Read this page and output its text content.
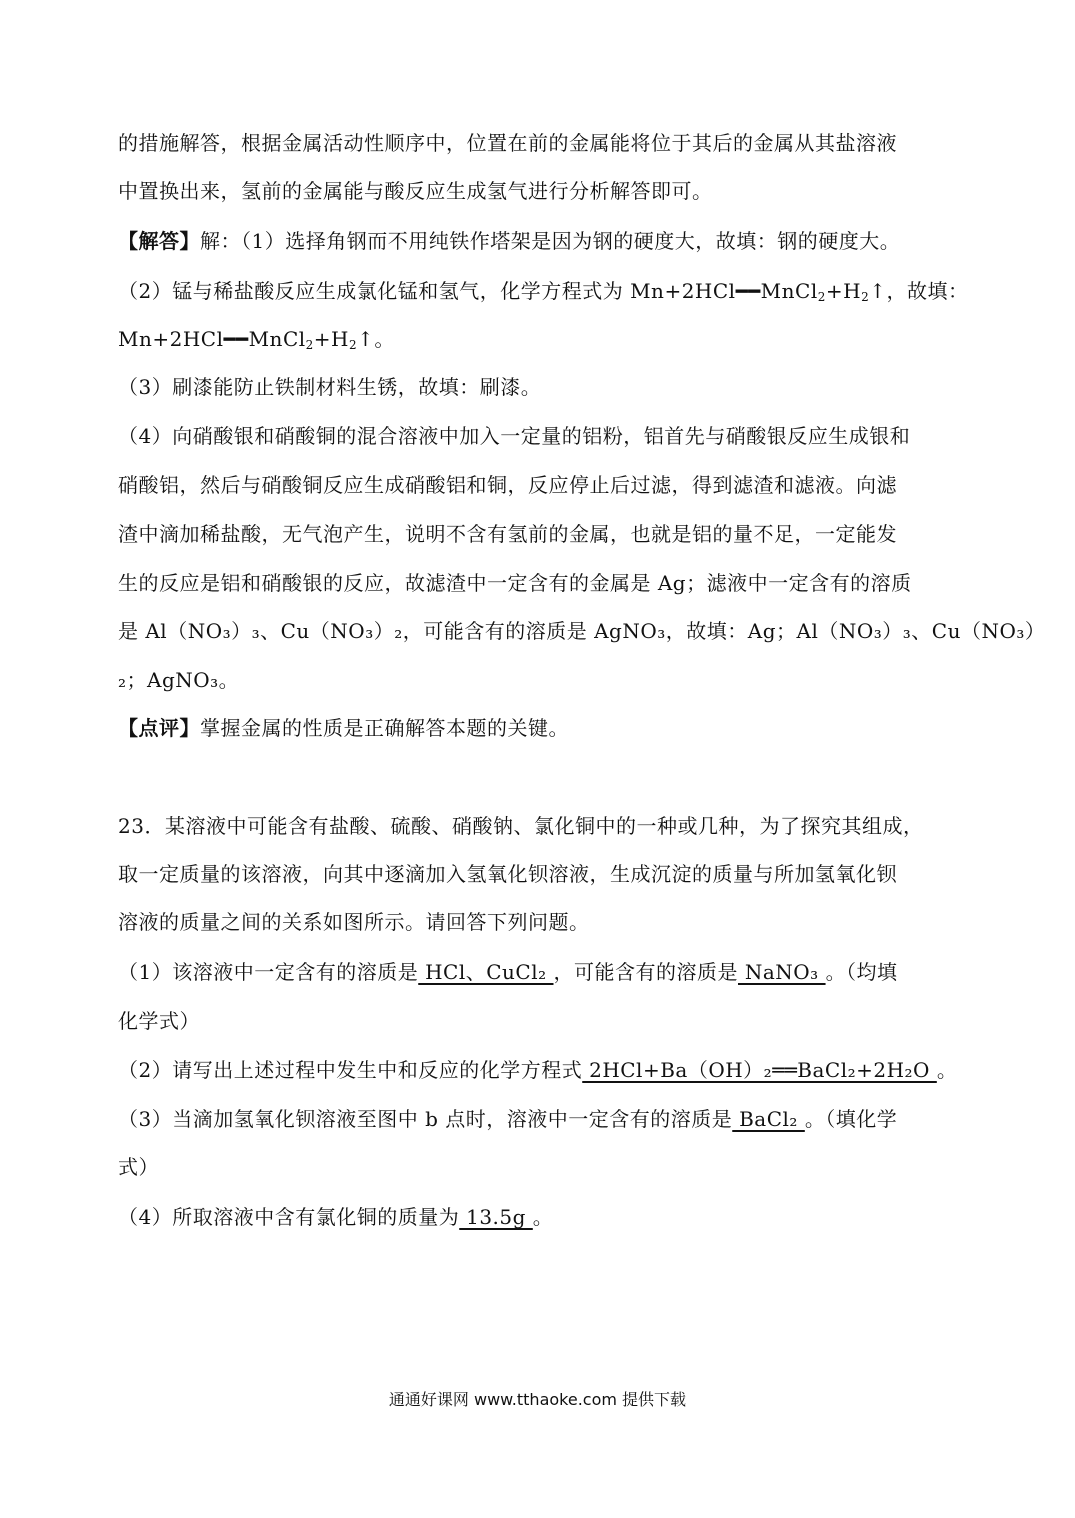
的措施解答，根据金属活动性顺序中，位置在前的金属能将位于其后的金属从其盐溶液
中置换出来，氢前的金属能与酸反应生成氢气进行分析解答即可。
【解答】解：（1）选择角钢而不用纯铁作塔架是因为钢的硬度大，故填：钢的硬度大。
（2）锰与稀盐酸反应生成氯化锰和氢气，化学方程式为 $Mn+2HCl━━MnCl_2+H_2↑$，故填：
$Mn+2HCl━━MnCl_2+H_2↑$。
（3）刷漆能防止铁制材料生锈，故填：刷漆。
（4）向硝酸银和硝酸铜的混合溶液中加入一定量的铝粉，铝首先与硝酸银反应生成银和
硝酸铝，然后与硝酸铜反应生成硝酸铝和铜，反应停止后过滤，得到滤渣和滤液。向滤
渣中滴加稀盐酸，无气泡产生，说明不含有氢前的金属，也就是铝的量不足，一定能发
生的反应是铝和硝酸银的反应，故滤渣中一定含有的金属是 Ag；滤液中一定含有的溶质
是 Al（NO₃）₃、Cu（NO₃）₂，可能含有的溶质是 AgNO₃，故填：Ag；Al（NO₃）₃、Cu（NO₃）
₂；AgNO₃。
【点评】掌握金属的性质是正确解答本题的关键。
23．某溶液中可能含有盐酸、硫酸、硝酸钠、氯化铜中的一种或几种，为了探究其组成，
取一定质量的该溶液，向其中逐滴加入氢氧化钡溶液，生成沉淀的质量与所加氢氧化钡
溶液的质量之间的关系如图所示。请回答下列问题。
（1）该溶液中一定含有的溶质是 HCl、CuCl₂ ，可能含有的溶质是 NaNO₃ 。（均填
化学式）
（2）请写出上述过程中发生中和反应的化学方程式 2HCl+Ba（OH）₂══BaCl₂+2H₂O 。
（3）当滴加氢氧化钡溶液至图中 b 点时，溶液中一定含有的溶质是 BaCl₂ 。（填化学
式）
（4）所取溶液中含有氯化铜的质量为 13.5g 。
通通好课网 www.tthaoke.com 提供下载
